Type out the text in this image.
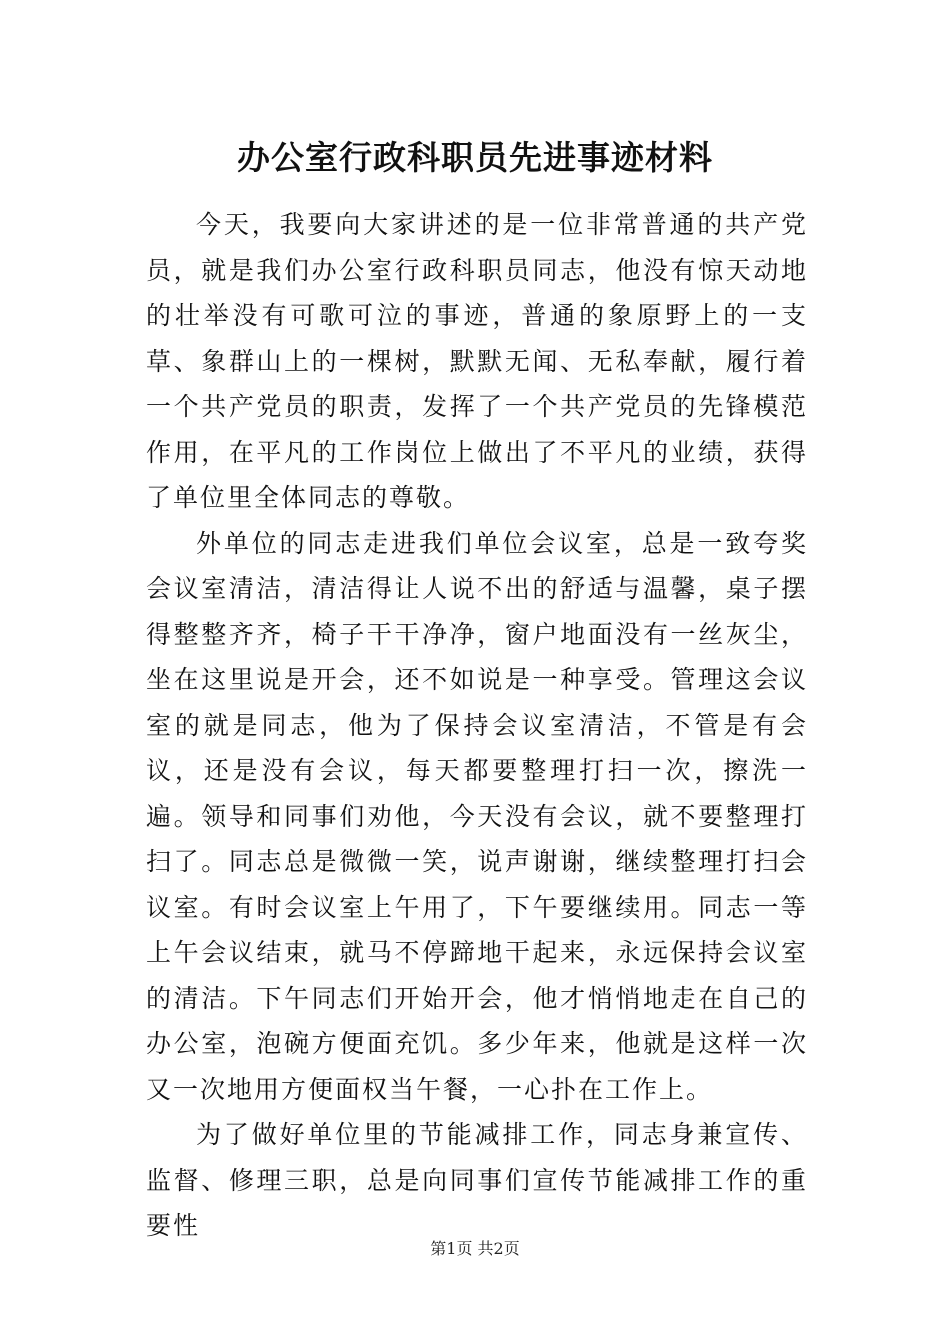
办公室行政科职员先进事迹材料

今天，我要向大家讲述的是一位非常普通的共产党员，就是我们办公室行政科职员同志，他没有惊天动地的壮举没有可歌可泣的事迹，普通的象原野上的一支草、象群山上的一棵树，默默无闻、无私奉献，履行着一个共产党员的职责，发挥了一个共产党员的先锋模范作用，在平凡的工作岗位上做出了不平凡的业绩，获得了单位里全体同志的尊敬。

外单位的同志走进我们单位会议室，总是一致夸奖会议室清洁，清洁得让人说不出的舒适与温馨，桌子摆得整整齐齐，椅子干干净净，窗户地面没有一丝灰尘，坐在这里说是开会，还不如说是一种享受。管理这会议室的就是同志，他为了保持会议室清洁，不管是有会议，还是没有会议，每天都要整理打扫一次，擦洗一遍。领导和同事们劝他，今天没有会议，就不要整理打扫了。同志总是微微一笑，说声谢谢，继续整理打扫会议室。有时会议室上午用了，下午要继续用。同志一等上午会议结束，就马不停蹄地干起来，永远保持会议室的清洁。下午同志们开始开会，他才悄悄地走在自己的办公室，泡碗方便面充饥。多少年来，他就是这样一次又一次地用方便面权当午餐，一心扑在工作上。

为了做好单位里的节能减排工作，同志身兼宣传、监督、修理三职，总是向同事们宣传节能减排工作的重要性

第1页 共2页
